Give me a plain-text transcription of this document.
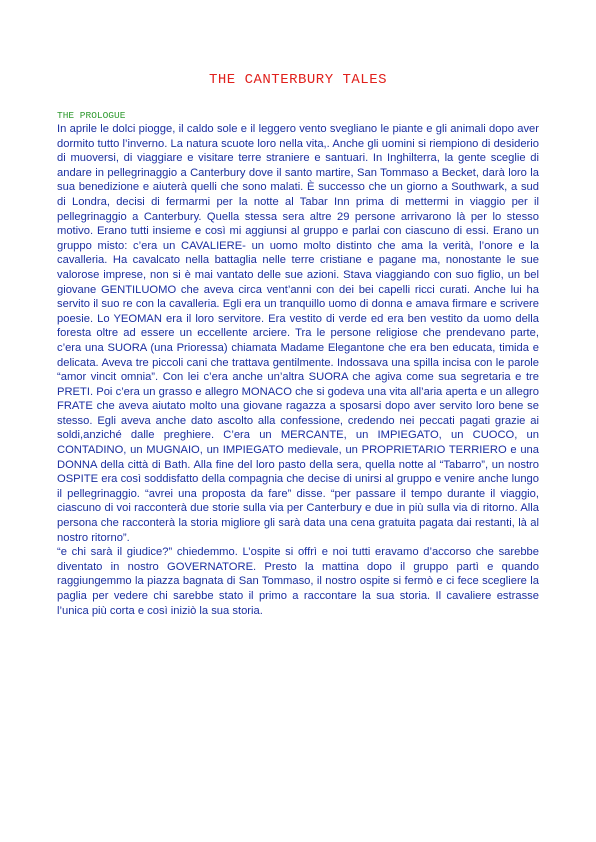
THE CANTERBURY TALES
THE PROLOGUE

In aprile le dolci piogge, il caldo sole e il leggero vento svegliano le piante e gli animali dopo aver dormito tutto l’inverno. La natura scuote loro nella vita,. Anche gli uomini si riempiono di desiderio di muoversi, di viaggiare e visitare terre straniere e santuari. In Inghilterra, la gente sceglie di andare in pellegrinaggio a Canterbury dove il santo martire, San Tommaso a Becket, darà loro la sua benedizione e aiuterà quelli che sono malati. È successo che un giorno a Southwark, a sud di Londra, decisi di fermarmi per la notte al Tabar Inn prima di mettermi in viaggio per il pellegrinaggio a Canterbury. Quella stessa sera altre 29 persone arrivarono là per lo stesso motivo. Erano tutti insieme e così mi aggiunsi al gruppo e parlai con ciascuno di essi. Erano un gruppo misto: c’era un CAVALIERE- un uomo molto distinto che ama la verità, l’onore e la cavalleria. Ha cavalcato nella battaglia nelle terre cristiane e pagane ma, nonostante le sue valorose imprese, non si è mai vantato delle sue azioni. Stava viaggiando con suo figlio, un bel giovane GENTILUOMO che aveva circa vent’anni con dei bei capelli ricci curati. Anche lui ha servito il suo re con la cavalleria. Egli era un tranquillo uomo di donna e amava firmare e scrivere poesie. Lo YEOMAN era il loro servitore. Era vestito di verde ed era ben vestito da uomo della foresta oltre ad essere un eccellente arciere. Tra le persone religiose che prendevano parte, c’era una SUORA (una Prioressa) chiamata Madame Elegantone che era ben educata, timida e delicata. Aveva tre piccoli cani che trattava gentilmente. Indossava una spilla incisa con le parole “amor vincit omnia”. Con lei c’era anche un’altra SUORA che agiva come sua segretaria e tre PRETI. Poi c’era un grasso e allegro MONACO che si godeva una vita all’aria aperta e un allegro FRATE che aveva aiutato molto una giovane ragazza a sposarsi dopo aver servito loro bene se stesso. Egli aveva anche dato ascolto alla confessione, credendo nei peccati pagati grazie ai soldi,anziché dalle preghiere. C’era un MERCANTE, un IMPIEGATO, un CUOCO, un CONTADINO, un MUGNAIO, un IMPIEGATO medievale, un PROPRIETARIO TERRIERO e una DONNA della città di Bath. Alla fine del loro pasto della sera, quella notte al “Tabarro”, un nostro OSPITE era così soddisfatto della compagnia che decise di unirsi al gruppo e venire anche lungo il pellegrinaggio. “avrei una proposta da fare” disse. “per passare il tempo durante il viaggio, ciascuno di voi racconterà due storie sulla via per Canterbury e due in più sulla via di ritorno. Alla persona che racconterà la storia migliore gli sarà data una cena gratuita pagata dai restanti, là al nostro ritorno”.

“e chi sarà il giudice?” chiedemmo. L’ospite si offrì e noi tutti eravamo d’accorso che sarebbe diventato in nostro GOVERNATORE. Presto la mattina dopo il gruppo partì e quando raggiungemmo la piazza bagnata di San Tommaso, il nostro ospite si fermò e ci fece scegliere la paglia per vedere chi sarebbe stato il primo a raccontare la sua storia. Il cavaliere estrasse l’unica più corta e così iniziò la sua storia.
